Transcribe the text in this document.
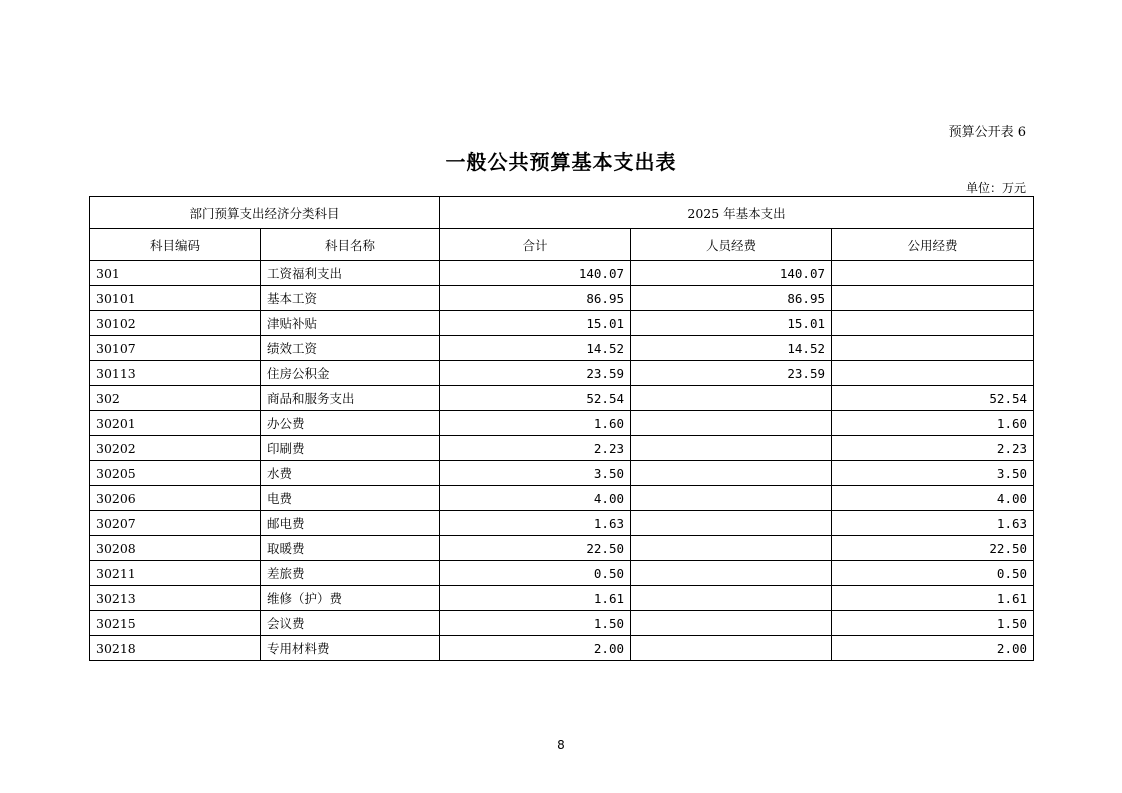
预算公开表 6
一般公共预算基本支出表
单位：万元
部门预算支出经济分类科目		2025 年基本支出		
科目编码	科目名称	合计	人员经费	公用经费
301	工资福利支出	140.07	140.07	
30101	基本工资	86.95	86.95	
30102	津贴补贴	15.01	15.01	
30107	绩效工资	14.52	14.52	
30113	住房公积金	23.59	23.59	
302	商品和服务支出	52.54		52.54
30201	办公费	1.60		1.60
30202	印刷费	2.23		2.23
30205	水费	3.50		3.50
30206	电费	4.00		4.00
30207	邮电费	1.63		1.63
30208	取暖费	22.50		22.50
30211	差旅费	0.50		0.50
30213	维修（护）费	1.61		1.61
30215	会议费	1.50		1.50
30218	专用材料费	2.00		2.00
8
